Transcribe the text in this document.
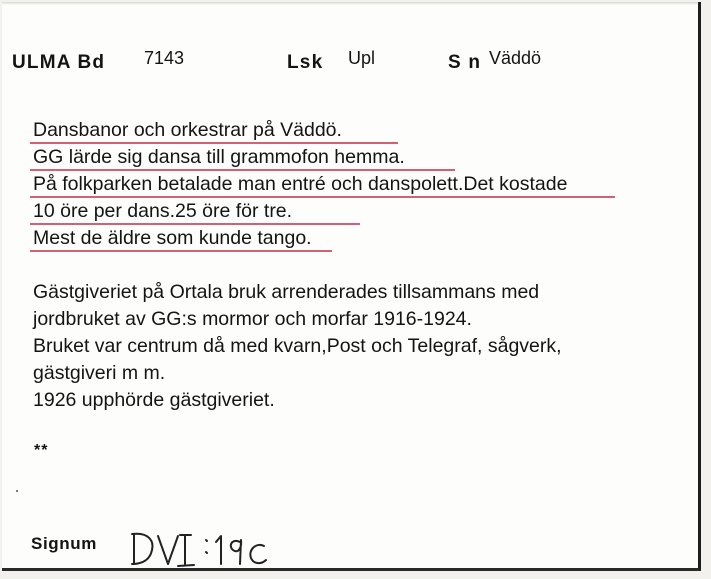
ULMA Bd 7143	Lsk Upl	S n Väddö
Dansbanor och orkestrar på Väddö.
GG lärde sig dansa till grammofon hemma.
På folkparken betalade man entré och danspolett.Det kostade
10 öre per dans.25 öre för tre.
Mest de äldre som kunde tango.
Gästgiveriet på Ortala bruk arrenderades tillsammans med
jordbruket av GG:s mormor och morfar 1916-1924.
Bruket var centrum då med kvarn,Post och Telegraf, sågverk,
gästgiveri m m.
1926 upphörde gästgiveriet.
**
Signum
